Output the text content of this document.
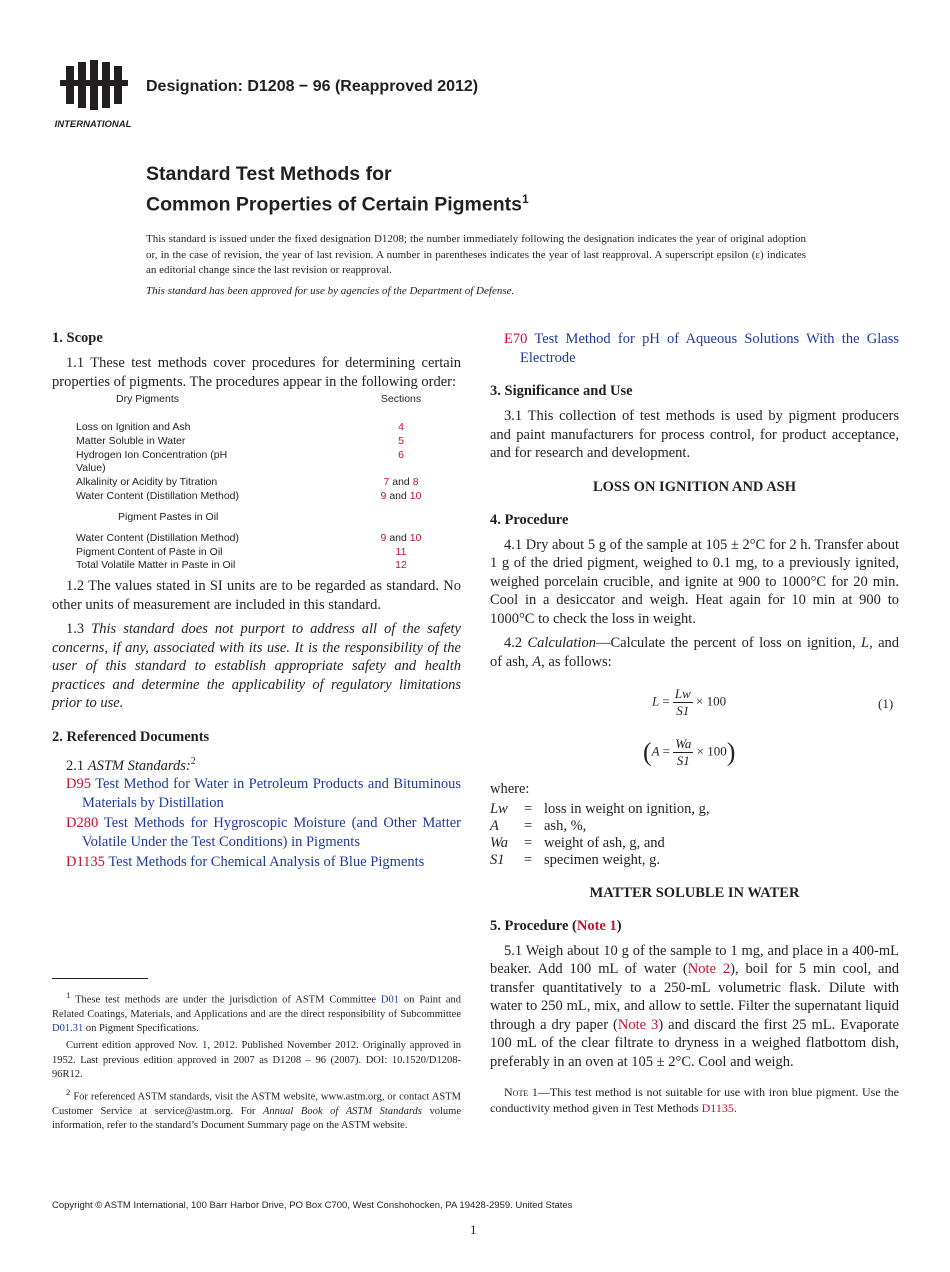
INTERNATIONAL
Designation: D1208 − 96 (Reapproved 2012)
Standard Test Methods for
Common Properties of Certain Pigments$^1$
This standard is issued under the fixed designation D1208; the number immediately following the designation indicates the year of original adoption or, in the case of revision, the year of last revision. A number in parentheses indicates the year of last reapproval. A superscript epsilon (ε) indicates an editorial change since the last revision or reapproval.
This standard has been approved for use by agencies of the Department of Defense.

1. Scope

1.1 These test methods cover procedures for determining certain properties of pigments. The procedures appear in the following order:

Dry Pigments	Sections
Loss on Ignition and Ash	4
Matter Soluble in Water	5
Hydrogen Ion Concentration (pH Value)	6
Alkalinity or Acidity by Titration	7 and 8
Water Content (Distillation Method)	9 and 10
Pigment Pastes in Oil	
Water Content (Distillation Method)	9 and 10
Pigment Content of Paste in Oil	11
Total Volatile Matter in Paste in Oil	12

1.2 The values stated in SI units are to be regarded as standard. No other units of measurement are included in this standard.

1.3 This standard does not purport to address all of the safety concerns, if any, associated with its use. It is the responsibility of the user of this standard to establish appropriate safety and health practices and determine the applicability of regulatory limitations prior to use.

2. Referenced Documents

2.1 ASTM Standards:$^2$

D95 Test Method for Water in Petroleum Products and Bituminous Materials by Distillation

D280 Test Methods for Hygroscopic Moisture (and Other Matter Volatile Under the Test Conditions) in Pigments

D1135 Test Methods for Chemical Analysis of Blue Pigments

$^1$ These test methods are under the jurisdiction of ASTM Committee D01 on Paint and Related Coatings, Materials, and Applications and are the direct responsibility of Subcommittee D01.31 on Pigment Specifications.
Current edition approved Nov. 1, 2012. Published November 2012. Originally approved in 1952. Last previous edition approved in 2007 as D1208 – 96 (2007). DOI: 10.1520/D1208-96R12.
$^2$ For referenced ASTM standards, visit the ASTM website, www.astm.org, or contact ASTM Customer Service at service@astm.org. For Annual Book of ASTM Standards volume information, refer to the standard’s Document Summary page on the ASTM website.

E70 Test Method for pH of Aqueous Solutions With the Glass Electrode

3. Significance and Use

3.1 This collection of test methods is used by pigment producers and paint manufacturers for process control, for product acceptance, and for research and development.

LOSS ON IGNITION AND ASH

4. Procedure

4.1 Dry about 5 g of the sample at 105 ± 2°C for 2 h. Transfer about 1 g of the dried pigment, weighed to 0.1 mg, to a previously ignited, weighed porcelain crucible, and ignite at 900 to 1000°C for 20 min. Cool in a desiccator and weigh. Heat again for 10 min at 900 to 1000°C to check the loss in weight.

4.2 Calculation—Calculate the percent of loss on ignition, L, and of ash, A, as follows:

$L = \frac{Lw}{S1} \times 100$	(1)
$(A = \frac{Wa}{S1} \times 100)$

where:

Lw	=	loss in weight on ignition, g,
A	=	ash, %,
Wa	=	weight of ash, g, and
S1	=	specimen weight, g.

MATTER SOLUBLE IN WATER

5. Procedure (Note 1)

5.1 Weigh about 10 g of the sample to 1 mg, and place in a 400-mL beaker. Add 100 mL of water (Note 2), boil for 5 min cool, and transfer quantitatively to a 250-mL volumetric flask. Dilute with water to 250 mL, mix, and allow to settle. Filter the supernatant liquid through a dry paper (Note 3) and discard the first 25 mL. Evaporate 100 mL of the clear filtrate to dryness in a weighed flatbottom dish, preferably in an oven at 105 ± 2°C. Cool and weigh.

Note 1—This test method is not suitable for use with iron blue pigment. Use the conductivity method given in Test Methods D1135.

Copyright © ASTM International, 100 Barr Harbor Drive, PO Box C700, West Conshohocken, PA 19428-2959. United States
1
